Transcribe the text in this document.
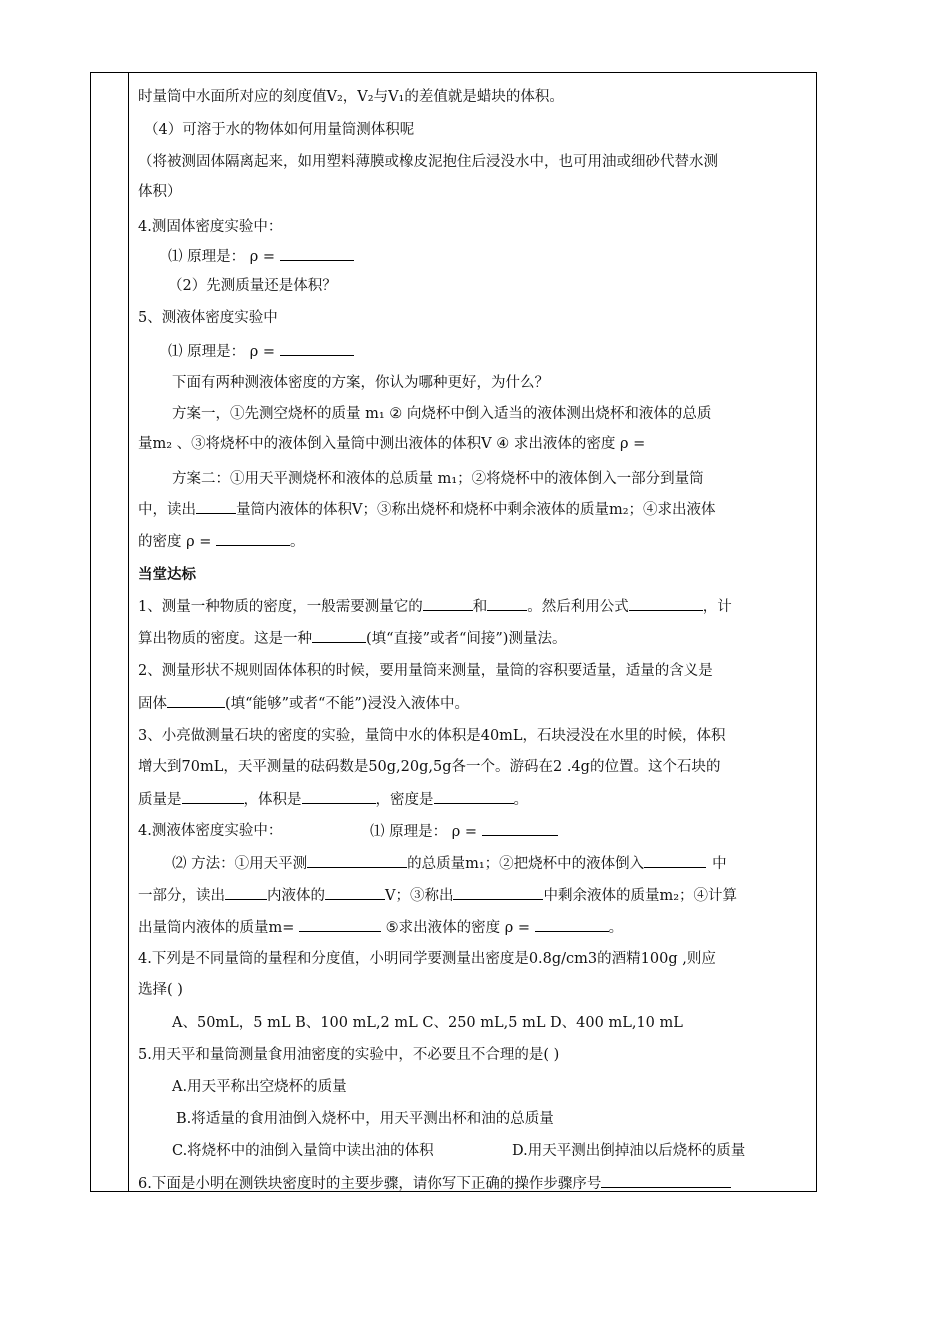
时量筒中水面所对应的刻度值V₂，V₂与V₁的差值就是蜡块的体积。
（4）可溶于水的物体如何用量筒测体积呢
（将被测固体隔离起来，如用塑料薄膜或橡皮泥抱住后浸没水中，也可用油或细砂代替水测
体积）
4.测固体密度实验中：
⑴ 原理是： ρ =
（2）先测质量还是体积？
5、测液体密度实验中
⑴ 原理是： ρ =
下面有两种测液体密度的方案，你认为哪种更好，为什么？
方案一，①先测空烧杯的质量 m₁ ② 向烧杯中倒入适当的液体测出烧杯和液体的总质
量m₂ 、③将烧杯中的液体倒入量筒中测出液体的体积V ④ 求出液体的密度 ρ =
方案二：①用天平测烧杯和液体的总质量 m₁；②将烧杯中的液体倒入一部分到量筒
中，读出	量筒内液体的体积V；③称出烧杯和烧杯中剩余液体的质量m₂；④求出液体
的密度 ρ =	。
当堂达标
1、测量一种物质的密度，一般需要测量它的	和	。然后利用公式	，计
算出物质的密度。这是一种	(填“直接”或者“间接”)测量法。
2、测量形状不规则固体体积的时候，要用量筒来测量，量筒的容积要适量，适量的含义是
固体	(填“能够”或者“不能”)浸没入液体中。
3、小亮做测量石块的密度的实验，量筒中水的体积是40mL，石块浸没在水里的时候，体积
增大到70mL，天平测量的砝码数是50g,20g,5g各一个。游码在2 .4g的位置。这个石块的
质量是	，体积是	，密度是	。
4.测液体密度实验中：	⑴ 原理是： ρ =
⑵ 方法：①用天平测	的总质量m₁；②把烧杯中的液体倒入	中
一部分，读出	内液体的	V；③称出	中剩余液体的质量m₂；④计算
出量筒内液体的质量m=	⑤求出液体的密度 ρ =	。
4.下列是不同量筒的量程和分度值，小明同学要测量出密度是0.8g/cm3的酒精100g ,则应
选择( )
A、50mL，5 mL B、100 mL,2 mL C、250 mL,5 mL D、400 mL,10 mL
5.用天平和量筒测量食用油密度的实验中，不必要且不合理的是( )
A.用天平称出空烧杯的质量
B.将适量的食用油倒入烧杯中，用天平测出杯和油的总质量
C.将烧杯中的油倒入量筒中读出油的体积	D.用天平测出倒掉油以后烧杯的质量
6.下面是小明在测铁块密度时的主要步骤，请你写下正确的操作步骤序号
